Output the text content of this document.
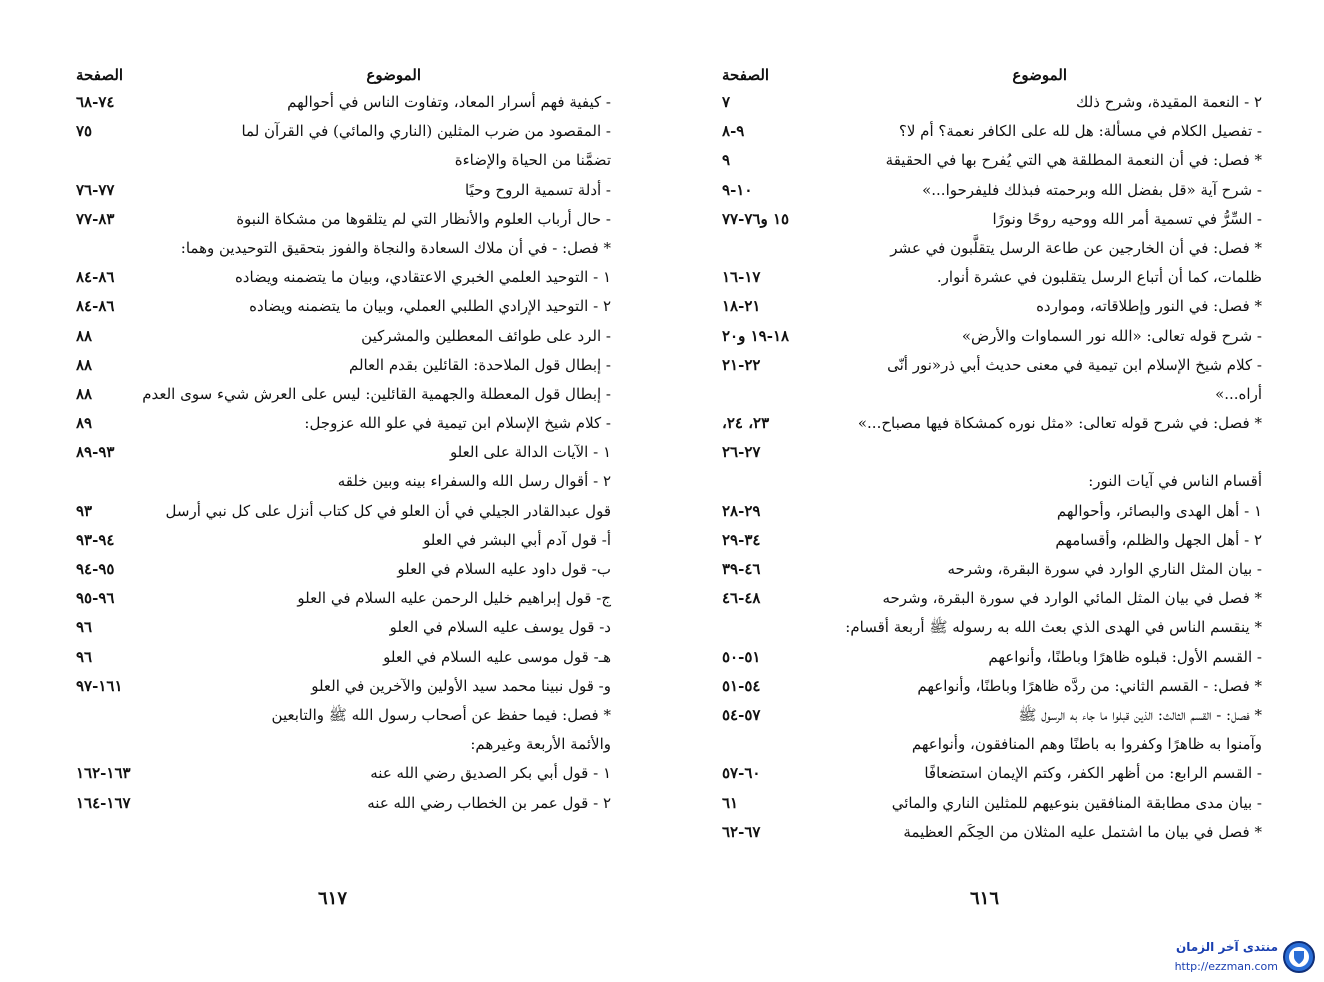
الموضوع
الصفحة
- كيفية فهم أسرار المعاد، وتفاوت الناس في أحوالهم
٧٤-٦٨
- المقصود من ضرب المثلين (الناري والمائي) في القرآن لما
٧٥
تضمَّنا من الحياة والإضاءة
- أدلة تسمية الروح وحيًا
٧٧-٧٦
- حال أرباب العلوم والأنظار التي لم يتلقوها من مشكاة النبوة
٨٣-٧٧
* فصل: - في أن ملاك السعادة والنجاة والفوز بتحقيق التوحيدين وهما:
١ - التوحيد العلمي الخبري الاعتقادي، وبيان ما يتضمنه ويضاده
٨٦-٨٤
٢ - التوحيد الإرادي الطلبي العملي، وبيان ما يتضمنه ويضاده
٨٦-٨٤
- الرد على طوائف المعطلين والمشركين
٨٨
- إبطال قول الملاحدة: القائلين بقدم العالم
٨٨
- إبطال قول المعطلة والجهمية القائلين: ليس على العرش شيء سوى العدم
٨٨
- كلام شيخ الإسلام ابن تيمية في علو الله عزوجل:
٨٩
١ - الآيات الدالة على العلو
٩٣-٨٩
٢ - أقوال رسل الله والسفراء بينه وبين خلقه
قول عبدالقادر الجيلي في أن العلو في كل كتاب أنزل على كل نبي أرسل
٩٣
أ- قول آدم أبي البشر في العلو
٩٤-٩٣
ب- قول داود عليه السلام في العلو
٩٥-٩٤
ج- قول إبراهيم خليل الرحمن عليه السلام في العلو
٩٦-٩٥
د- قول يوسف عليه السلام في العلو
٩٦
هـ- قول موسى عليه السلام في العلو
٩٦
و- قول نبينا محمد سيد الأولين والآخرين في العلو
١٦١-٩٧
* فصل: فيما حفظ عن أصحاب رسول الله ﷺ والتابعين
والأئمة الأربعة وغيرهم:
١ - قول أبي بكر الصديق رضي الله عنه
١٦٣-١٦٢
٢ - قول عمر بن الخطاب رضي الله عنه
١٦٧-١٦٤
الموضوع
الصفحة
٢ - النعمة المقيدة، وشرح ذلك
٧
- تفصيل الكلام في مسألة: هل لله على الكافر نعمة؟ أم لا؟
٩-٨
* فصل: في أن النعمة المطلقة هي التي يُفرح بها في الحقيقة
٩
- شرح آية «قل بفضل الله وبرحمته فبذلك فليفرحوا...»
١٠-٩
- السِّرُّ في تسمية أمر الله ووحيه روحًا ونورًا
١٥ و٧٦-٧٧
* فصل: في أن الخارجين عن طاعة الرسل يتقلَّبون في عشر
ظلمات، كما أن أتباع الرسل يتقلبون في عشرة أنوار.
١٧-١٦
* فصل: في النور وإطلاقاته، وموارده
٢١-١٨
- شرح قوله تعالى: «الله نور السماوات والأرض»
١٨-١٩ و٢٠
- كلام شيخ الإسلام ابن تيمية في معنى حديث أبي ذر«نور أنّى
٢٢-٢١
أراه...»
* فصل: في شرح قوله تعالى: «مثل نوره كمشكاة فيها مصباح...»
٢٣، ٢٤،
٢٧-٢٦
أقسام الناس في آيات النور:
١ - أهل الهدى والبصائر، وأحوالهم
٢٩-٢٨
٢ - أهل الجهل والظلم، وأقسامهم
٣٤-٢٩
- بيان المثل الناري الوارد في سورة البقرة، وشرحه
٤٦-٣٩
* فصل في بيان المثل المائي الوارد في سورة البقرة، وشرحه
٤٨-٤٦
* ينقسم الناس في الهدى الذي بعث الله به رسوله ﷺ أربعة أقسام:
- القسم الأول: قبلوه ظاهرًا وباطنًا، وأنواعهم
٥١-٥٠
* فصل: - القسم الثاني: من ردَّه ظاهرًا وباطنًا، وأنواعهم
٥٤-٥١
* فصل: - القسم الثالث: الذين قبلوا ما جاء به الرسول ﷺ
٥٧-٥٤
وآمنوا به ظاهرًا وكفروا به باطنًا وهم المنافقون، وأنواعهم
- القسم الرابع: من أظهر الكفر، وكتم الإيمان استضعافًا
٦٠-٥٧
- بيان مدى مطابقة المنافقين بنوعيهم للمثلين الناري والمائي
٦١
* فصل في بيان ما اشتمل عليه المثلان من الحِكَم العظيمة
٦٧-٦٢
٦١٧	٦١٦
منتدى آخر الزمان
http://ezzman.com
